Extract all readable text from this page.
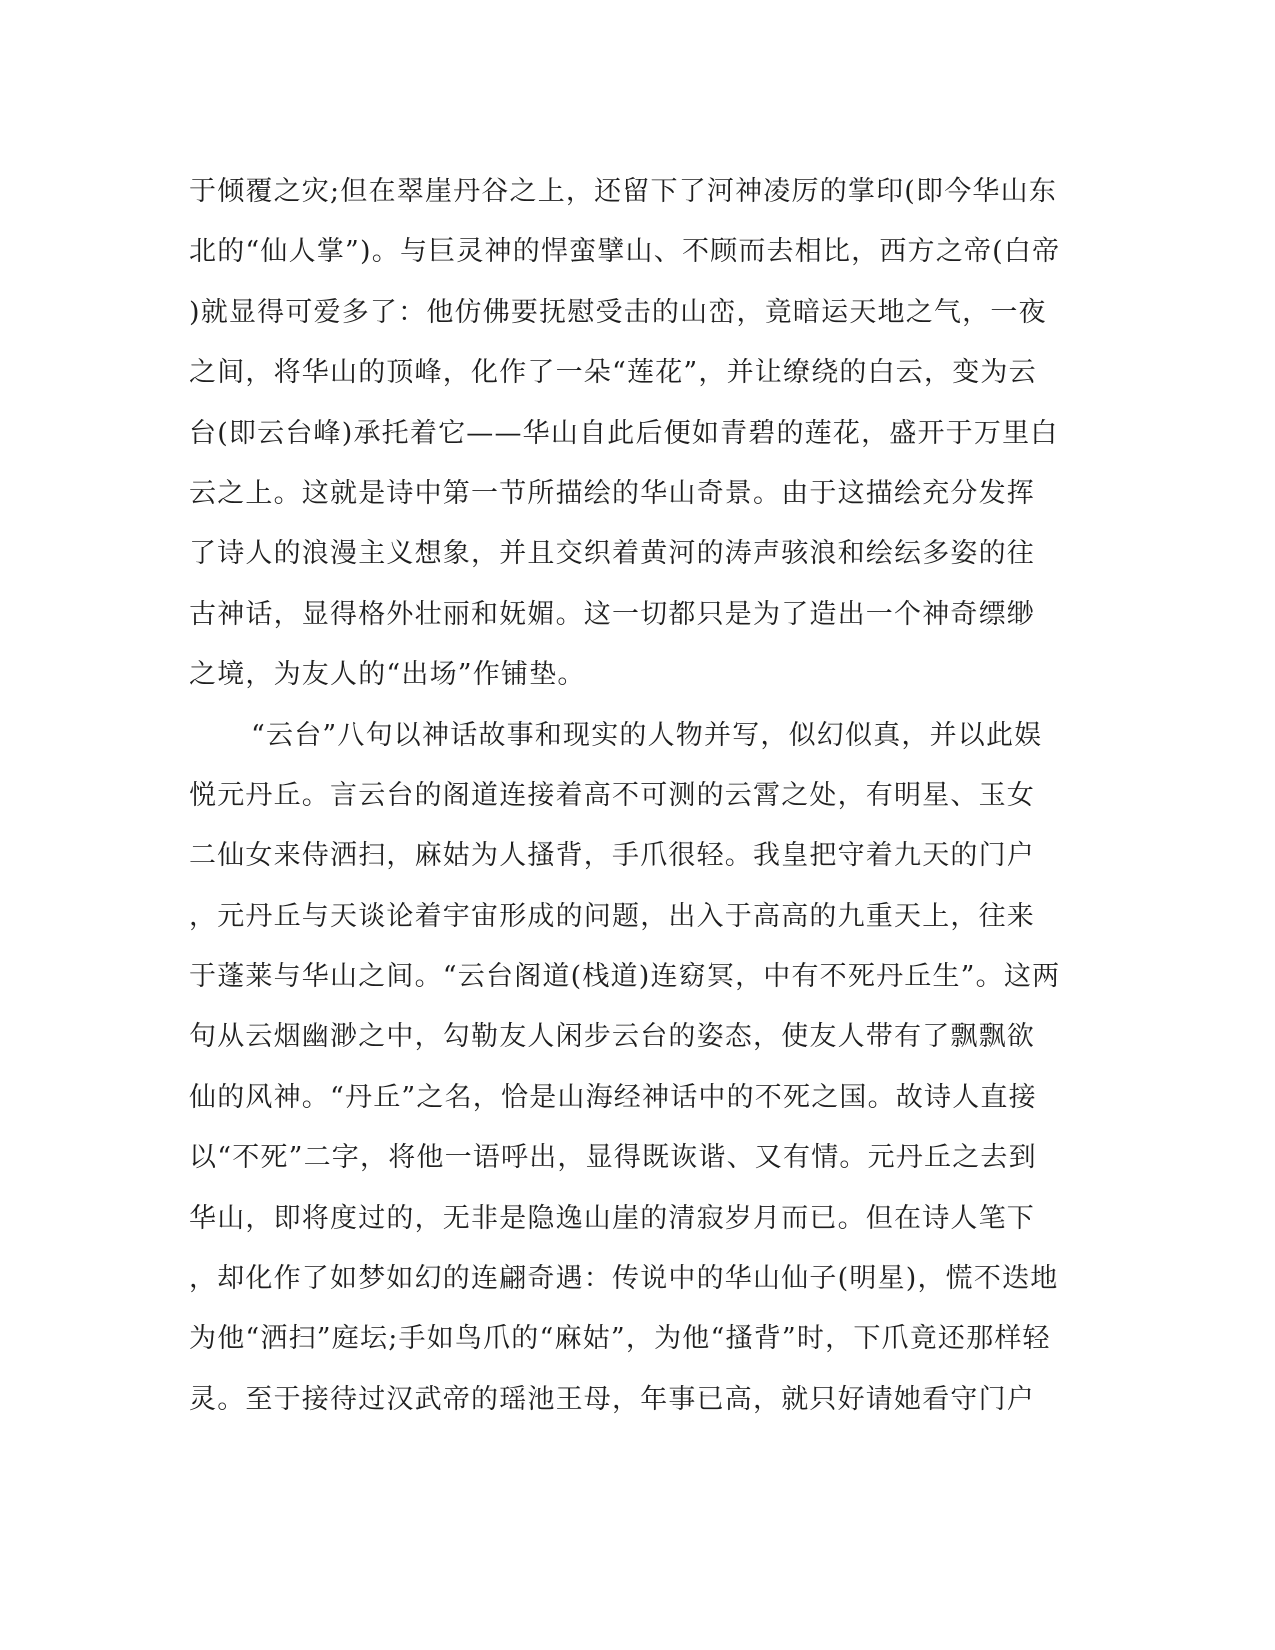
于倾覆之灾;但在翠崖丹谷之上，还留下了河神凌厉的掌印(即今华山东
北的“仙人掌”)。与巨灵神的悍蛮擘山、不顾而去相比，西方之帝(白帝
)就显得可爱多了：他仿佛要抚慰受击的山峦，竟暗运天地之气，一夜
之间，将华山的顶峰，化作了一朵“莲花”，并让缭绕的白云，变为云
台(即云台峰)承托着它——华山自此后便如青碧的莲花，盛开于万里白
云之上。这就是诗中第一节所描绘的华山奇景。由于这描绘充分发挥
了诗人的浪漫主义想象，并且交织着黄河的涛声骇浪和绘纭多姿的往
古神话，显得格外壮丽和妩媚。这一切都只是为了造出一个神奇缥缈
之境，为友人的“出场”作铺垫。
“云台”八句以神话故事和现实的人物并写，似幻似真，并以此娱
悦元丹丘。言云台的阁道连接着高不可测的云霄之处，有明星、玉女
二仙女来侍洒扫，麻姑为人搔背，手爪很轻。我皇把守着九天的门户
，元丹丘与天谈论着宇宙形成的问题，出入于高高的九重天上，往来
于蓬莱与华山之间。“云台阁道(栈道)连窈冥，中有不死丹丘生”。这两
句从云烟幽渺之中，勾勒友人闲步云台的姿态，使友人带有了飘飘欲
仙的风神。“丹丘”之名，恰是山海经神话中的不死之国。故诗人直接
以“不死”二字，将他一语呼出，显得既诙谐、又有情。元丹丘之去到
华山，即将度过的，无非是隐逸山崖的清寂岁月而已。但在诗人笔下
，却化作了如梦如幻的连翩奇遇：传说中的华山仙子(明星)，慌不迭地
为他“洒扫”庭坛;手如鸟爪的“麻姑”，为他“搔背”时，下爪竟还那样轻
灵。至于接待过汉武帝的瑶池王母，年事已高，就只好请她看守门户
